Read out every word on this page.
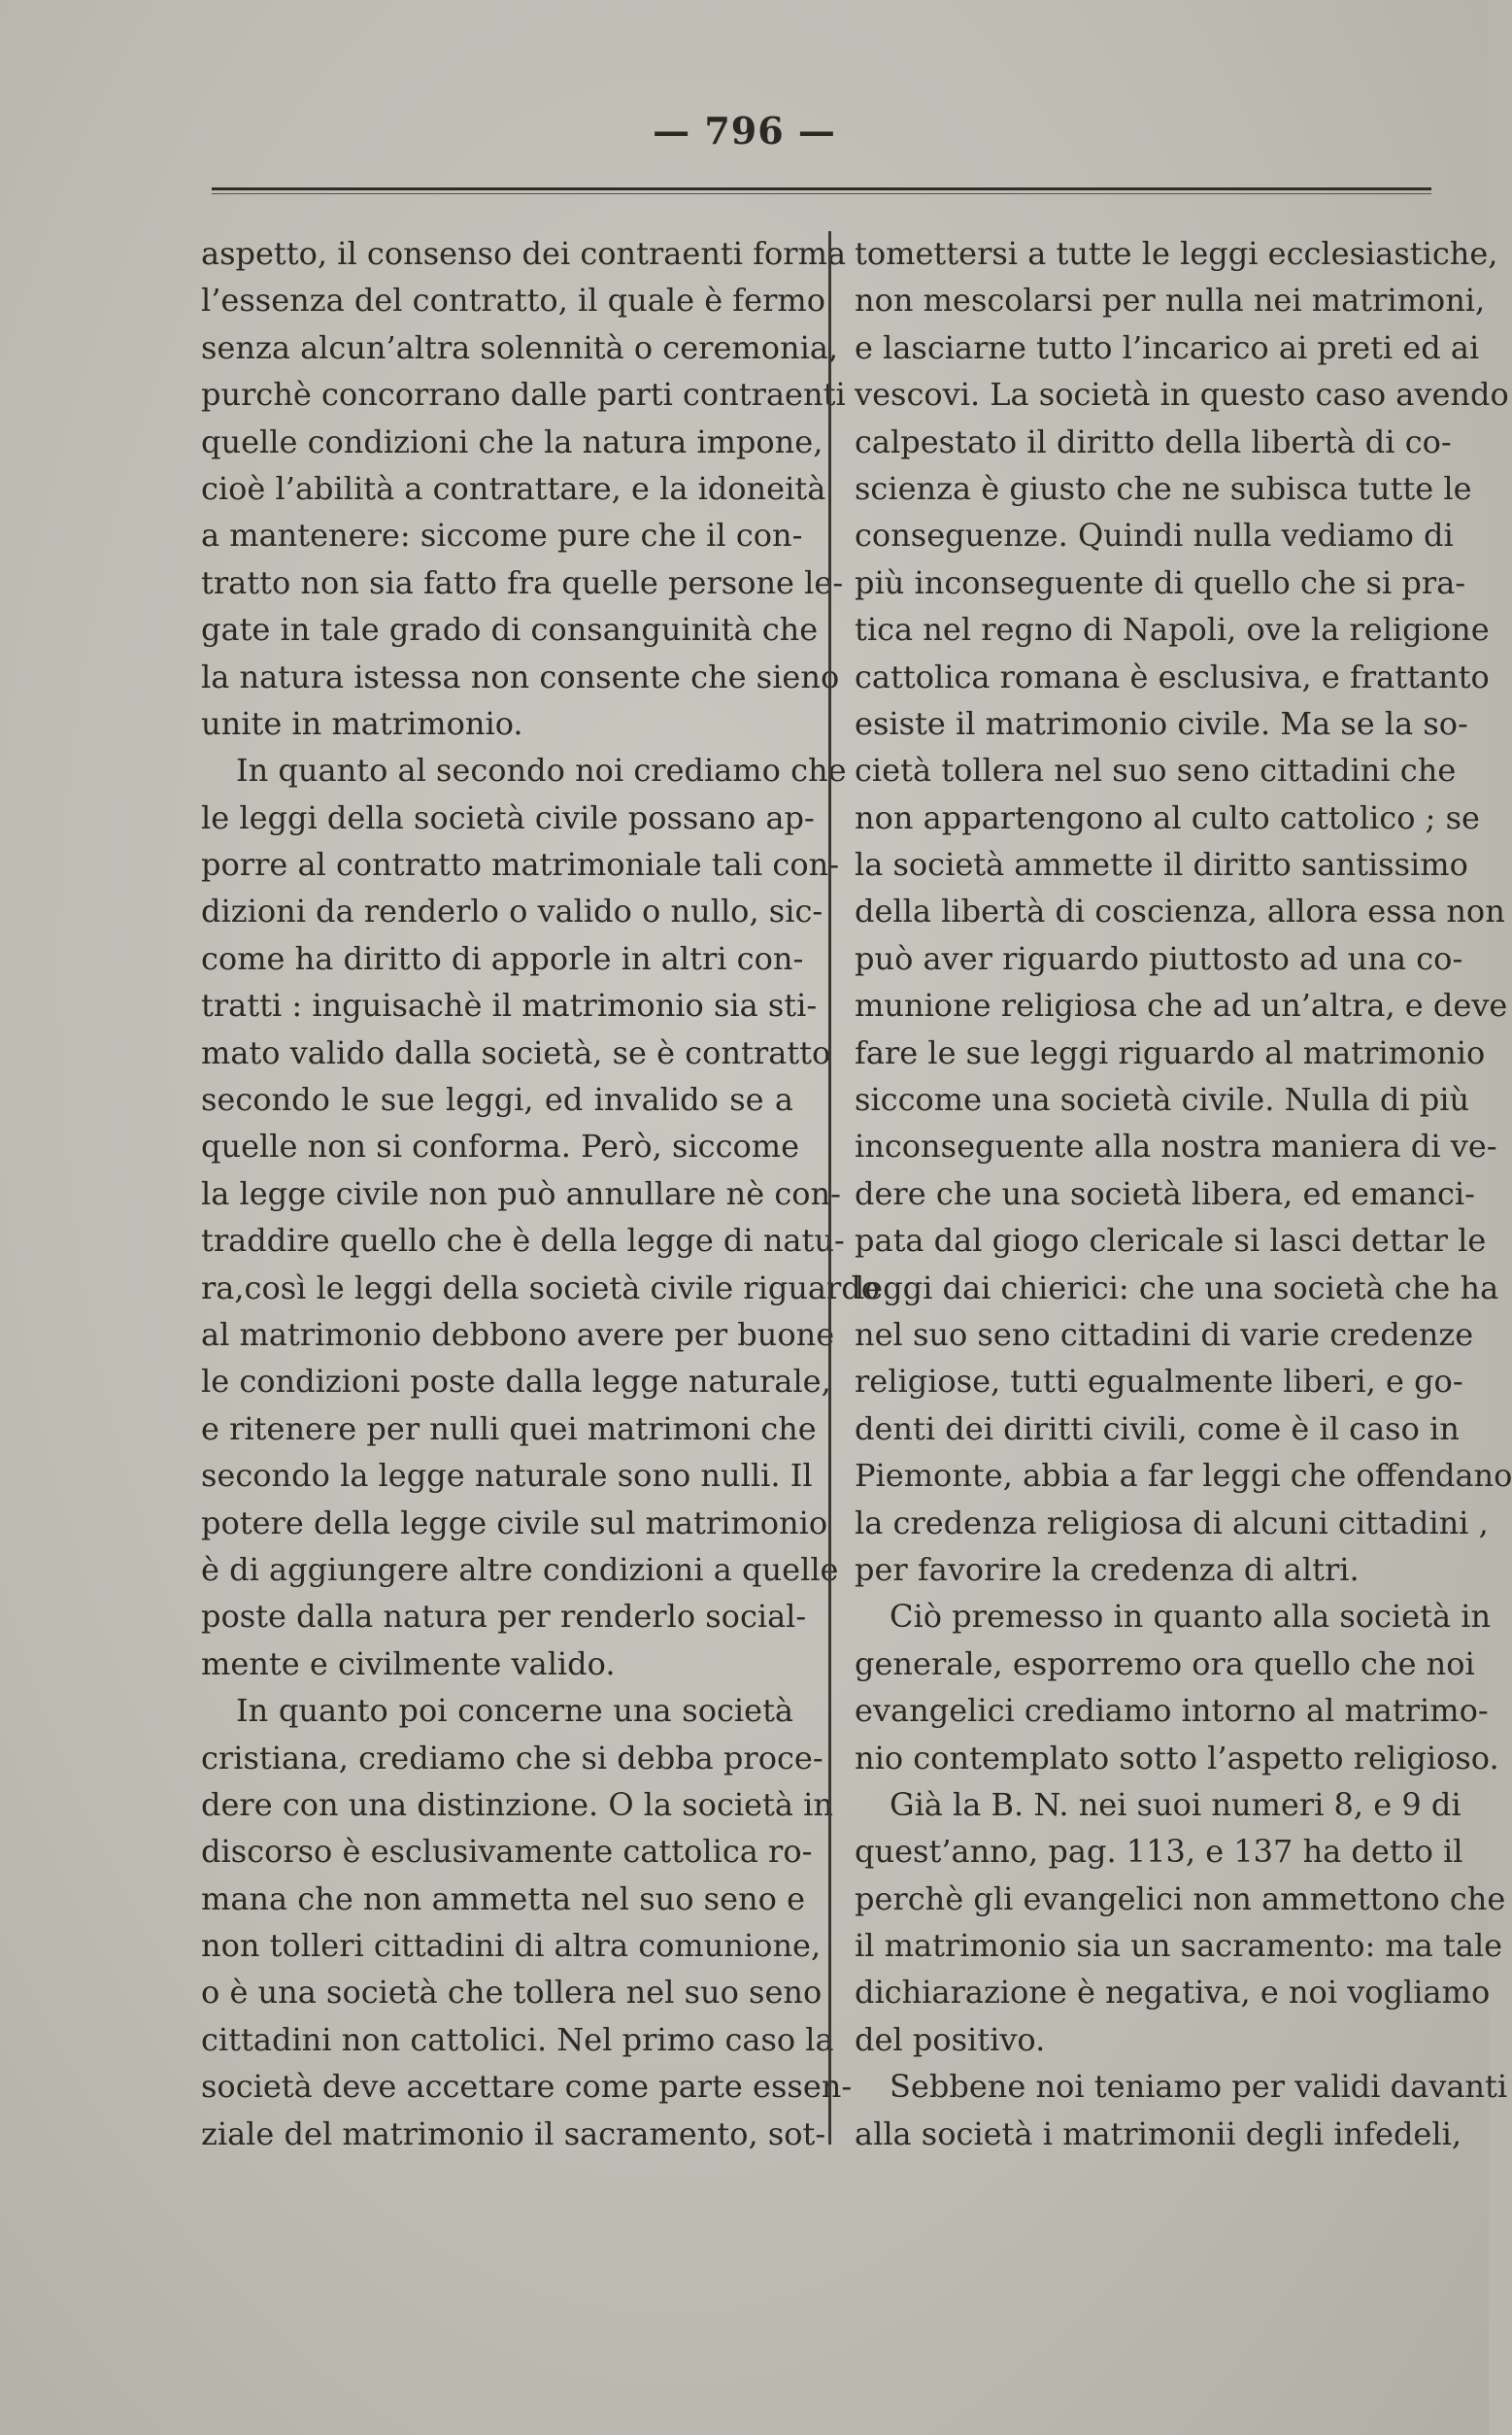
— 796 —
aspetto, il consenso dei contraenti forma
l’essenza del contratto, il quale è fermo
senza alcun’altra solennità o ceremonia,
purchè concorrano dalle parti contraenti
quelle condizioni che la natura impone,
cioè l’abilità a contrattare, e la idoneità
a mantenere: siccome pure che il con-
tratto non sia fatto fra quelle persone le-
gate in tale grado di consanguinità che
la natura istessa non consente che sieno
unite in matrimonio.
In quanto al secondo noi crediamo che
le leggi della società civile possano ap-
porre al contratto matrimoniale tali con-
dizioni da renderlo o valido o nullo, sic-
come ha diritto di apporle in altri con-
tratti : inguisachè il matrimonio sia sti-
mato valido dalla società, se è contratto
secondo le sue leggi, ed invalido se a
quelle non si conforma. Però, siccome
la legge civile non può annullare nè con-
traddire quello che è della legge di natu-
ra,così le leggi della società civile riguardo
al matrimonio debbono avere per buone
le condizioni poste dalla legge naturale,
e ritenere per nulli quei matrimoni che
secondo la legge naturale sono nulli. Il
potere della legge civile sul matrimonio
è di aggiungere altre condizioni a quelle
poste dalla natura per renderlo social-
mente e civilmente valido.
In quanto poi concerne una società
cristiana, crediamo che si debba proce-
dere con una distinzione. O la società in
discorso è esclusivamente cattolica ro-
mana che non ammetta nel suo seno e
non tolleri cittadini di altra comunione,
o è una società che tollera nel suo seno
cittadini non cattolici. Nel primo caso la
società deve accettare come parte essen-
ziale del matrimonio il sacramento, sot-
tomettersi a tutte le leggi ecclesiastiche,
non mescolarsi per nulla nei matrimoni,
e lasciarne tutto l’incarico ai preti ed ai
vescovi. La società in questo caso avendo
calpestato il diritto della libertà di co-
scienza è giusto che ne subisca tutte le
conseguenze. Quindi nulla vediamo di
più inconseguente di quello che si pra-
tica nel regno di Napoli, ove la religione
cattolica romana è esclusiva, e frattanto
esiste il matrimonio civile. Ma se la so-
cietà tollera nel suo seno cittadini che
non appartengono al culto cattolico ; se
la società ammette il diritto santissimo
della libertà di coscienza, allora essa non
può aver riguardo piuttosto ad una co-
munione religiosa che ad un’altra, e deve
fare le sue leggi riguardo al matrimonio
siccome una società civile. Nulla di più
inconseguente alla nostra maniera di ve-
dere che una società libera, ed emanci-
pata dal giogo clericale si lasci dettar le
leggi dai chierici: che una società che ha
nel suo seno cittadini di varie credenze
religiose, tutti egualmente liberi, e go-
denti dei diritti civili, come è il caso in
Piemonte, abbia a far leggi che offendano
la credenza religiosa di alcuni cittadini ,
per favorire la credenza di altri.
Ciò premesso in quanto alla società in
generale, esporremo ora quello che noi
evangelici crediamo intorno al matrimo-
nio contemplato sotto l’aspetto religioso.
Già la B. N. nei suoi numeri 8, e 9 di
quest’anno, pag. 113, e 137 ha detto il
perchè gli evangelici non ammettono che
il matrimonio sia un sacramento: ma tale
dichiarazione è negativa, e noi vogliamo
del positivo.
Sebbene noi teniamo per validi davanti
alla società i matrimonii degli infedeli,
